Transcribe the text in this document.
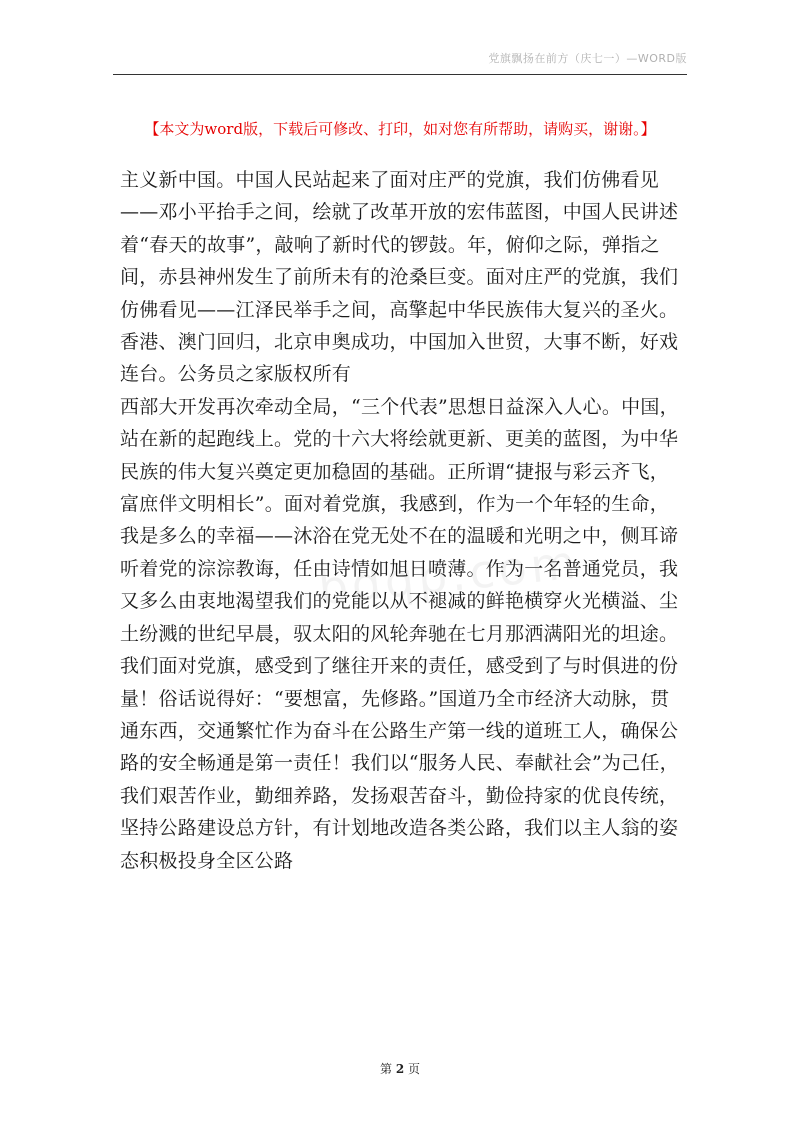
党旗飘扬在前方（庆七一）—WORD版
【本文为word版，下载后可修改、打印，如对您有所帮助，请购买，谢谢。】

主义新中国。中国人民站起来了面对庄严的党旗，我们仿佛看见——邓小平抬手之间，绘就了改革开放的宏伟蓝图，中国人民讲述着“春天的故事”，敲响了新时代的锣鼓。年，俯仰之际，弹指之间，赤县神州发生了前所未有的沧桑巨变。面对庄严的党旗，我们仿佛看见——江泽民举手之间，高擎起中华民族伟大复兴的圣火。香港、澳门回归，北京申奥成功，中国加入世贸，大事不断，好戏连台。公务员之家版权所有

西部大开发再次牵动全局，“三个代表”思想日益深入人心。中国，站在新的起跑线上。党的十六大将绘就更新、更美的蓝图，为中华民族的伟大复兴奠定更加稳固的基础。正所谓“捷报与彩云齐飞，富庶伴文明相长”。面对着党旗，我感到，作为一个年轻的生命，我是多么的幸福——沐浴在党无处不在的温暖和光明之中，侧耳谛听着党的淙淙教诲，任由诗情如旭日喷薄。作为一名普通党员，我又多么由衷地渴望我们的党能以从不褪减的鲜艳横穿火光横溢、尘土纷溅的世纪早晨，驭太阳的风轮奔驰在七月那洒满阳光的坦途。

我们面对党旗，感受到了继往开来的责任，感受到了与时俱进的份量！俗话说得好：“要想富，先修路。”国道乃全市经济大动脉，贯通东西，交通繁忙作为奋斗在公路生产第一线的道班工人，确保公路的安全畅通是第一责任！我们以“服务人民、奉献社会”为己任，我们艰苦作业，勤细养路，发扬艰苦奋斗，勤俭持家的优良传统，坚持公路建设总方针，有计划地改造各类公路，我们以主人翁的姿态积极投身全区公路

第 2 页
